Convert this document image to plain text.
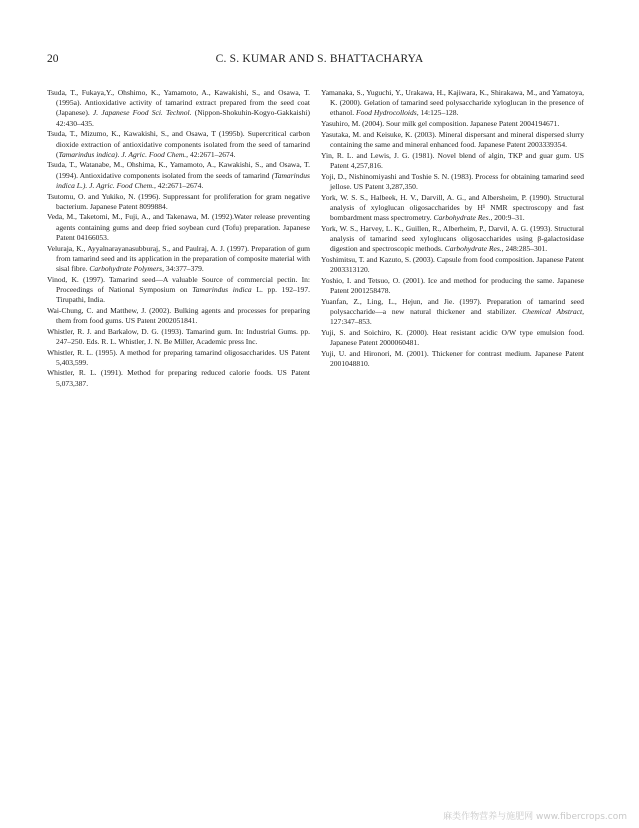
20	C. S. KUMAR AND S. BHATTACHARYA
Tsuda, T., Fukaya,Y., Ohshimo, K., Yamamoto, A., Kawakishi, S., and Osawa, T. (1995a). Antioxidative activity of tamarind extract prepared from the seed coat (Japanese). J. Japanese Food Sci. Technol. (Nippon-Shokuhin-Kogyo-Gakkaishi) 42:430–435.
Tsuda, T., Mizumo, K., Kawakishi, S., and Osawa, T (1995b). Supercritical carbon dioxide extraction of antioxidative components isolated from the seed of tamarind (Tamarindus indica). J. Agric. Food Chem., 42:2671–2674.
Tsuda, T., Watanabe, M., Ohshima, K., Yamamoto, A., Kawakishi, S., and Osawa, T. (1994). Antioxidative components isolated from the seeds of tamarind (Tamarindus indica L.). J. Agric. Food Chem., 42:2671–2674.
Tsutomu, O. and Yukiko, N. (1996). Suppressant for proliferation for gram negative bacterium. Japanese Patent 8099884.
Veda, M., Taketomi, M., Fuji, A., and Takenawa, M. (1992).Water release preventing agents containing gums and deep fried soybean curd (Tofu) preparation. Japanese Patent 04166053.
Veluraja, K., Ayyalnarayanasubburaj, S., and Paulraj, A. J. (1997). Preparation of gum from tamarind seed and its application in the preparation of composite material with sisal fibre. Carbohydrate Polymers, 34:377–379.
Vinod, K. (1997). Tamarind seed—A valuable Source of commercial pectin. In: Proceedings of National Symposium on Tamarindus indica L. pp. 192–197. Tirupathi, India.
Wai-Chung, C. and Matthew, J. (2002). Bulking agents and processes for preparing them from food gums. US Patent 2002051841.
Whistler, R. J. and Barkalow, D. G. (1993). Tamarind gum. In: Industrial Gums. pp. 247–250. Eds. R. L. Whistler, J. N. Be Miller, Academic press Inc.
Whistler, R. L. (1995). A method for preparing tamarind oligosaccharides. US Patent 5,403,599.
Whistler, R. L. (1991). Method for preparing reduced calorie foods. US Patent 5,073,387.
Yamanaka, S., Yuguchi, Y., Urakawa, H., Kajiwara, K., Shirakawa, M., and Yamatoya, K. (2000). Gelation of tamarind seed polysaccharide xyloglucan in the presence of ethanol. Food Hydrocolloids, 14:125–128.
Yasuhiro, M. (2004). Sour milk gel composition. Japanese Patent 2004194671.
Yasutaka, M. and Keisuke, K. (2003). Mineral dispersant and mineral dispersed slurry containing the same and mineral enhanced food. Japanese Patent 2003339354.
Yin, R. L. and Lewis, J. G. (1981). Novel blend of algin, TKP and guar gum. US Patent 4,257,816.
Yoji, D., Nishinomiyashi and Toshie S. N. (1983). Process for obtaining tamarind seed jellose. US Patent 3,287,350.
York, W. S. S., Halbeek, H. V., Darvill, A. G., and Albersheim, P. (1990). Structural analysis of xyloglucan oligosaccharides by H¹ NMR spectroscopy and fast bombardment mass spectrometry. Carbohydrate Res., 200:9–31.
York, W. S., Harvey, L. K., Guillen, R., Alberheim, P., Darvil, A. G. (1993). Structural analysis of tamarind seed xyloglucans oligosaccharides using β-galactosidase digestion and spectroscopic methods. Carbohydrate Res., 248:285–301.
Yoshimitsu, T. and Kazuto, S. (2003). Capsule from food composition. Japanese Patent 2003313120.
Yoshio, I. and Tetsuo, O. (2001). Ice and method for producing the same. Japanese Patent 2001258478.
Yuanfan, Z., Ling, L., Hejun, and Jie. (1997). Preparation of tamarind seed polysaccharide—a new natural thickener and stabilizer. Chemical Abstract, 127:347–853.
Yuji, S. and Soichiro, K. (2000). Heat resistant acidic O/W type emulsion food. Japanese Patent 2000060481.
Yuji, U. and Hironori, M. (2001). Thickener for contrast medium. Japanese Patent 2001048810.
麻类作物营养与施肥网 www.fibercrops.com
